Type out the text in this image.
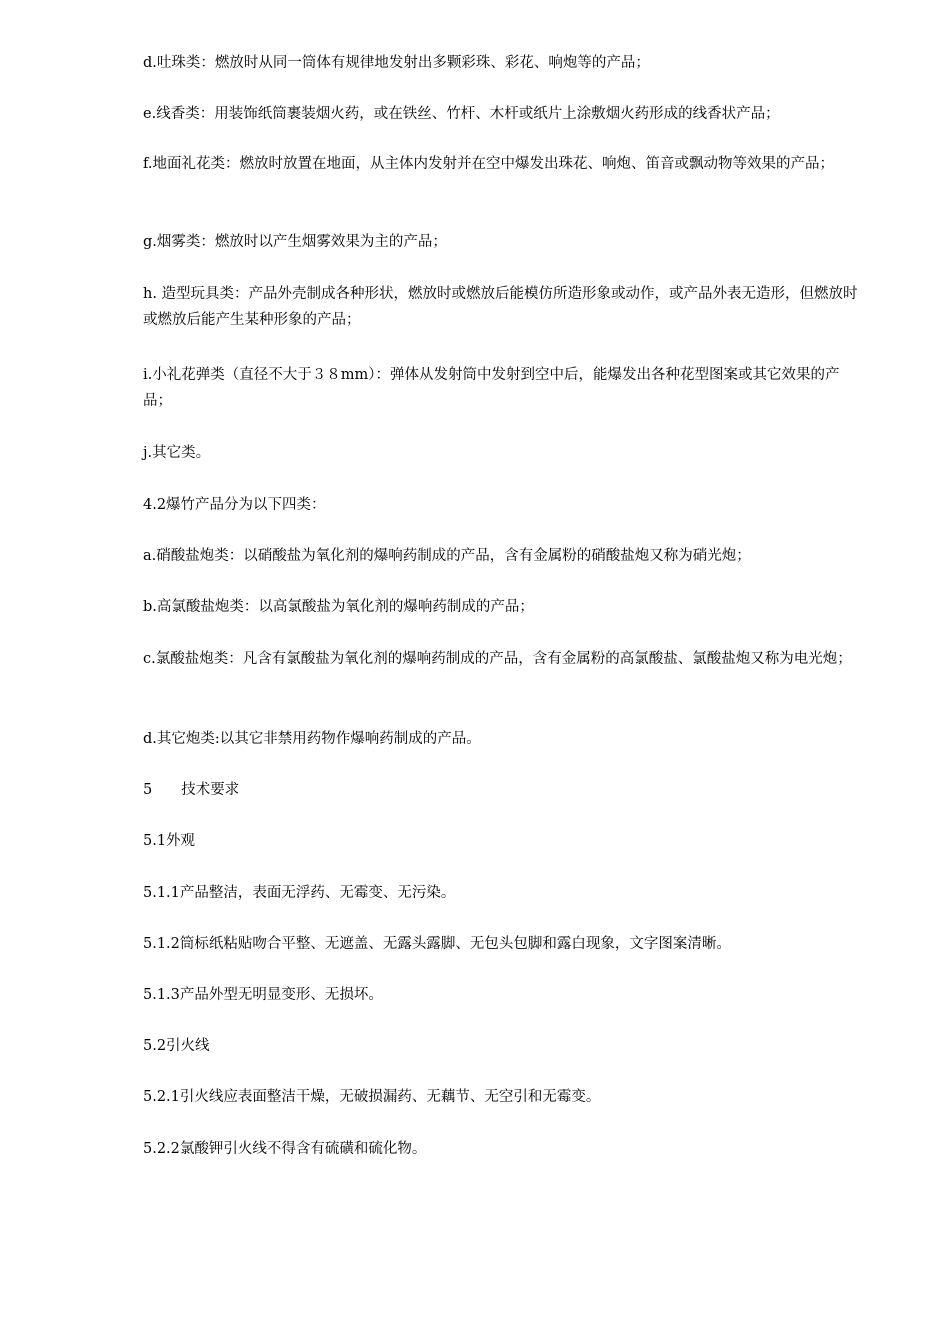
d.吐珠类：燃放时从同一筒体有规律地发射出多颗彩珠、彩花、响炮等的产品；

e.线香类：用装饰纸筒裹装烟火药，或在铁丝、竹杆、木杆或纸片上涂敷烟火药形成的线香状产品；

f.地面礼花类：燃放时放置在地面，从主体内发射并在空中爆发出珠花、响炮、笛音或飘动物等效果的产品；

g.烟雾类：燃放时以产生烟雾效果为主的产品；

h. 造型玩具类：产品外壳制成各种形状，燃放时或燃放后能模仿所造形象或动作，或产品外表无造形，但燃放时或燃放后能产生某种形象的产品；

i.小礼花弹类（直径不大于３８mm）：弹体从发射筒中发射到空中后，能爆发出各种花型图案或其它效果的产品；

j.其它类。

4.2爆竹产品分为以下四类：

a.硝酸盐炮类：以硝酸盐为氧化剂的爆响药制成的产品，含有金属粉的硝酸盐炮又称为硝光炮；

b.高氯酸盐炮类：以高氯酸盐为氧化剂的爆响药制成的产品；

c.氯酸盐炮类：凡含有氯酸盐为氧化剂的爆响药制成的产品，含有金属粉的高氯酸盐、氯酸盐炮又称为电光炮；

d.其它炮类:以其它非禁用药物作爆响药制成的产品。

5　　技术要求

5.1外观

5.1.1产品整洁，表面无浮药、无霉变、无污染。

5.1.2筒标纸粘贴吻合平整、无遮盖、无露头露脚、无包头包脚和露白现象，文字图案清晰。

5.1.3产品外型无明显变形、无损坏。

5.2引火线

5.2.1引火线应表面整洁干燥，无破损漏药、无藕节、无空引和无霉变。

5.2.2氯酸钾引火线不得含有硫磺和硫化物。
